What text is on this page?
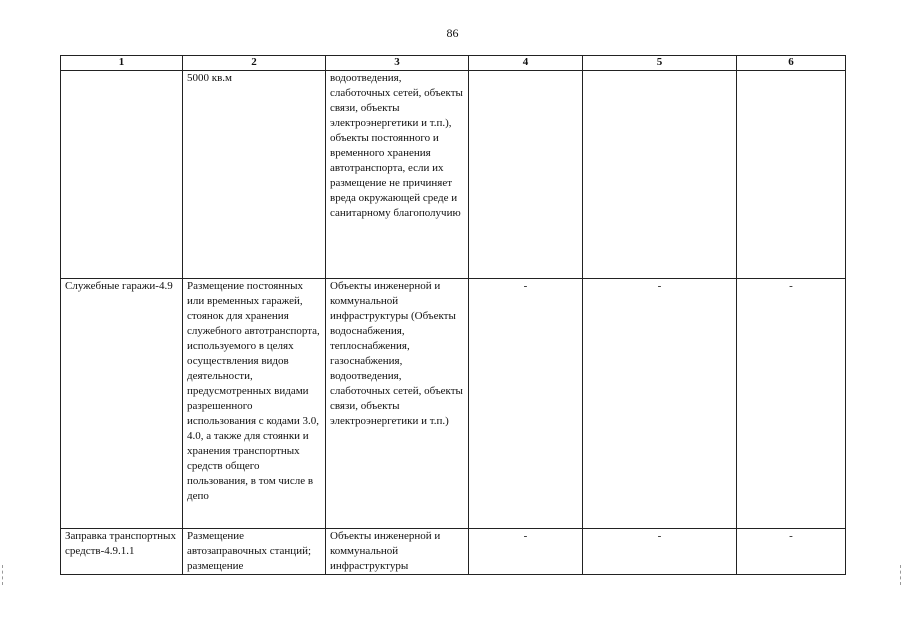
86
1	2	3	4	5	6

	5000 кв.м	водоотведения, слаботочных сетей, объекты связи, объекты электроэнергетики и т.п.), объекты постоянного и временного хранения автотранспорта, если их размещение не причиняет вреда окружающей среде и санитарному благополучию			

Служебные гаражи-4.9	Размещение постоянных или временных гаражей, стоянок для хранения служебного автотранспорта, используемого в целях осуществления видов деятельности, предусмотренных видами разрешенного использования с кодами 3.0, 4.0, а также для стоянки и хранения транспортных средств общего пользования, в том числе в депо	Объекты инженерной и коммунальной инфраструктуры (Объекты водоснабжения, теплоснабжения, газоснабжения, водоотведения, слаботочных сетей, объекты связи, объекты электроэнергетики и т.п.)	-	-	-

Заправка транспортных средств-4.9.1.1	Размещение автозаправочных станций; размещение	Объекты инженерной и коммунальной инфраструктуры	-	-	-
